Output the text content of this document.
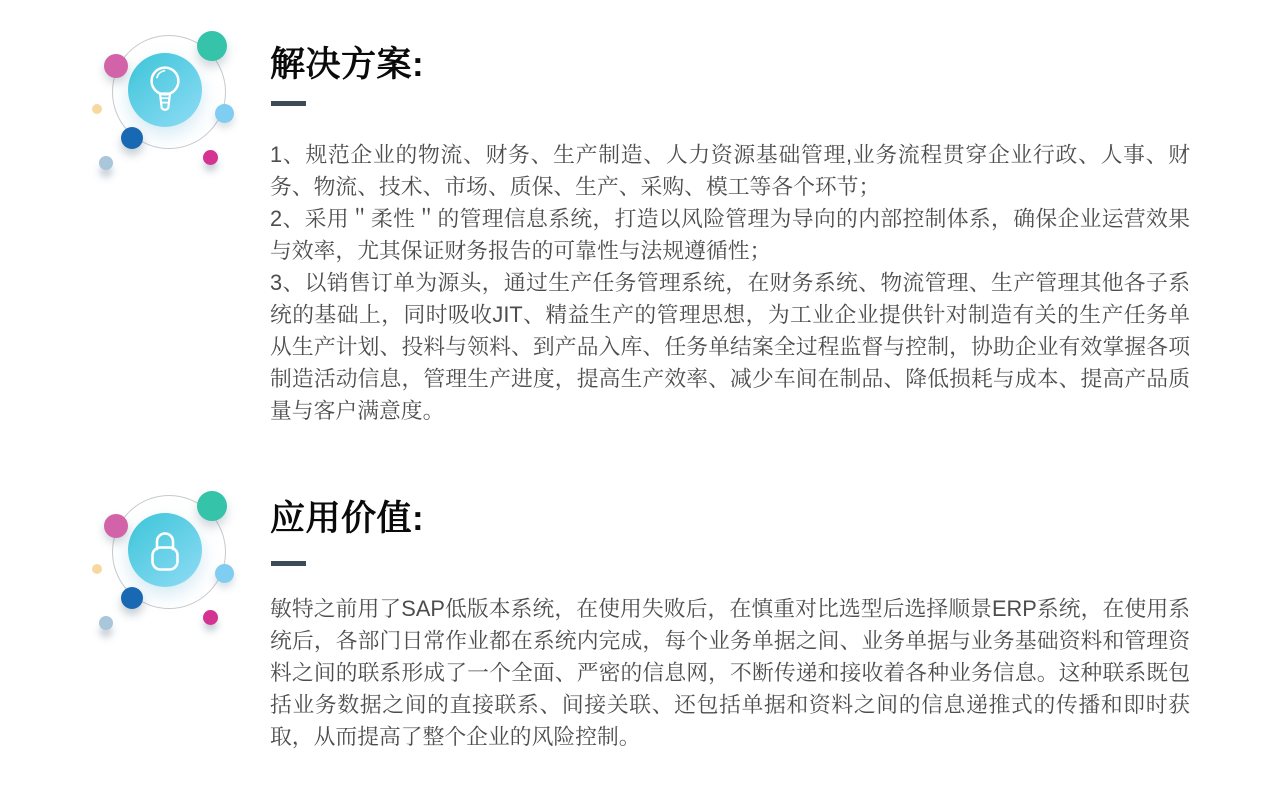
解决方案:

1、规范企业的物流、财务、生产制造、人力资源基础管理,业务流程贯穿企业行政、人事、财务、物流、技术、市场、质保、生产、采购、模工等各个环节；

2、采用＂柔性＂的管理信息系统，打造以风险管理为导向的内部控制体系，确保企业运营效果与效率，尤其保证财务报告的可靠性与法规遵循性；

3、以销售订单为源头，通过生产任务管理系统，在财务系统、物流管理、生产管理其他各子系统的基础上，同时吸收JIT、精益生产的管理思想，为工业企业提供针对制造有关的生产任务单从生产计划、投料与领料、到产品入库、任务单结案全过程监督与控制，协助企业有效掌握各项制造活动信息，管理生产进度，提高生产效率、减少车间在制品、降低损耗与成本、提高产品质量与客户满意度。

应用价值:

敏特之前用了SAP低版本系统，在使用失败后，在慎重对比选型后选择顺景ERP系统，在使用系统后，各部门日常作业都在系统内完成，每个业务单据之间、业务单据与业务基础资料和管理资料之间的联系形成了一个全面、严密的信息网，不断传递和接收着各种业务信息。这种联系既包括业务数据之间的直接联系、间接关联、还包括单据和资料之间的信息递推式的传播和即时获取，从而提高了整个企业的风险控制。
